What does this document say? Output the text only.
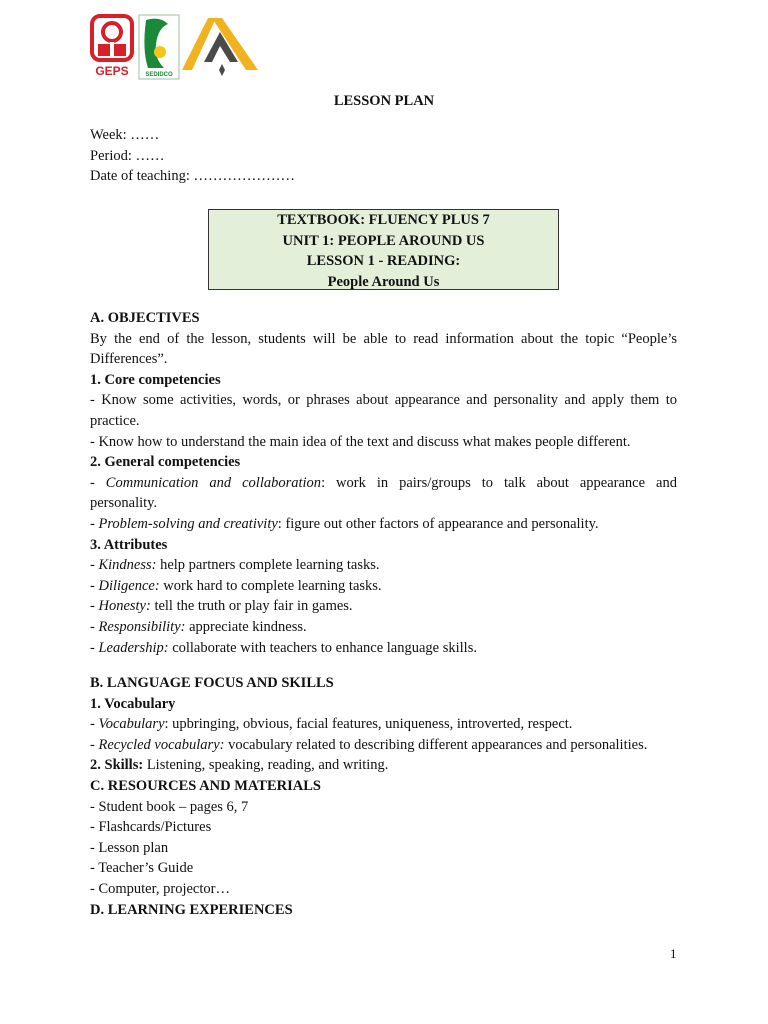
GEPS	SEDIDCO
LESSON PLAN
Week: ……
Period: ……
Date of teaching: …………………
TEXTBOOK: FLUENCY PLUS 7
UNIT 1: PEOPLE AROUND US
LESSON 1 - READING:
People Around Us

A. OBJECTIVES

By the end of the lesson, students will be able to read information about the topic “People’s

Differences”.

1. Core competencies

- Know some activities, words, or phrases about appearance and personality and apply them to

practice.

- Know how to understand the main idea of the text and discuss what makes people different.

2. General competencies

- Communication and collaboration: work in pairs/groups to talk about appearance and

personality.

- Problem-solving and creativity: figure out other factors of appearance and personality.

3. Attributes

- Kindness: help partners complete learning tasks.

- Diligence: work hard to complete learning tasks.

- Honesty: tell the truth or play fair in games.

- Responsibility: appreciate kindness.

- Leadership: collaborate with teachers to enhance language skills.

B. LANGUAGE FOCUS AND SKILLS

1. Vocabulary

- Vocabulary: upbringing, obvious, facial features, uniqueness, introverted, respect.

- Recycled vocabulary: vocabulary related to describing different appearances and personalities.

2. Skills: Listening, speaking, reading, and writing.

C. RESOURCES AND MATERIALS

- Student book – pages 6, 7

- Flashcards/Pictures

- Lesson plan

- Teacher’s Guide

- Computer, projector…

D. LEARNING EXPERIENCES

1
